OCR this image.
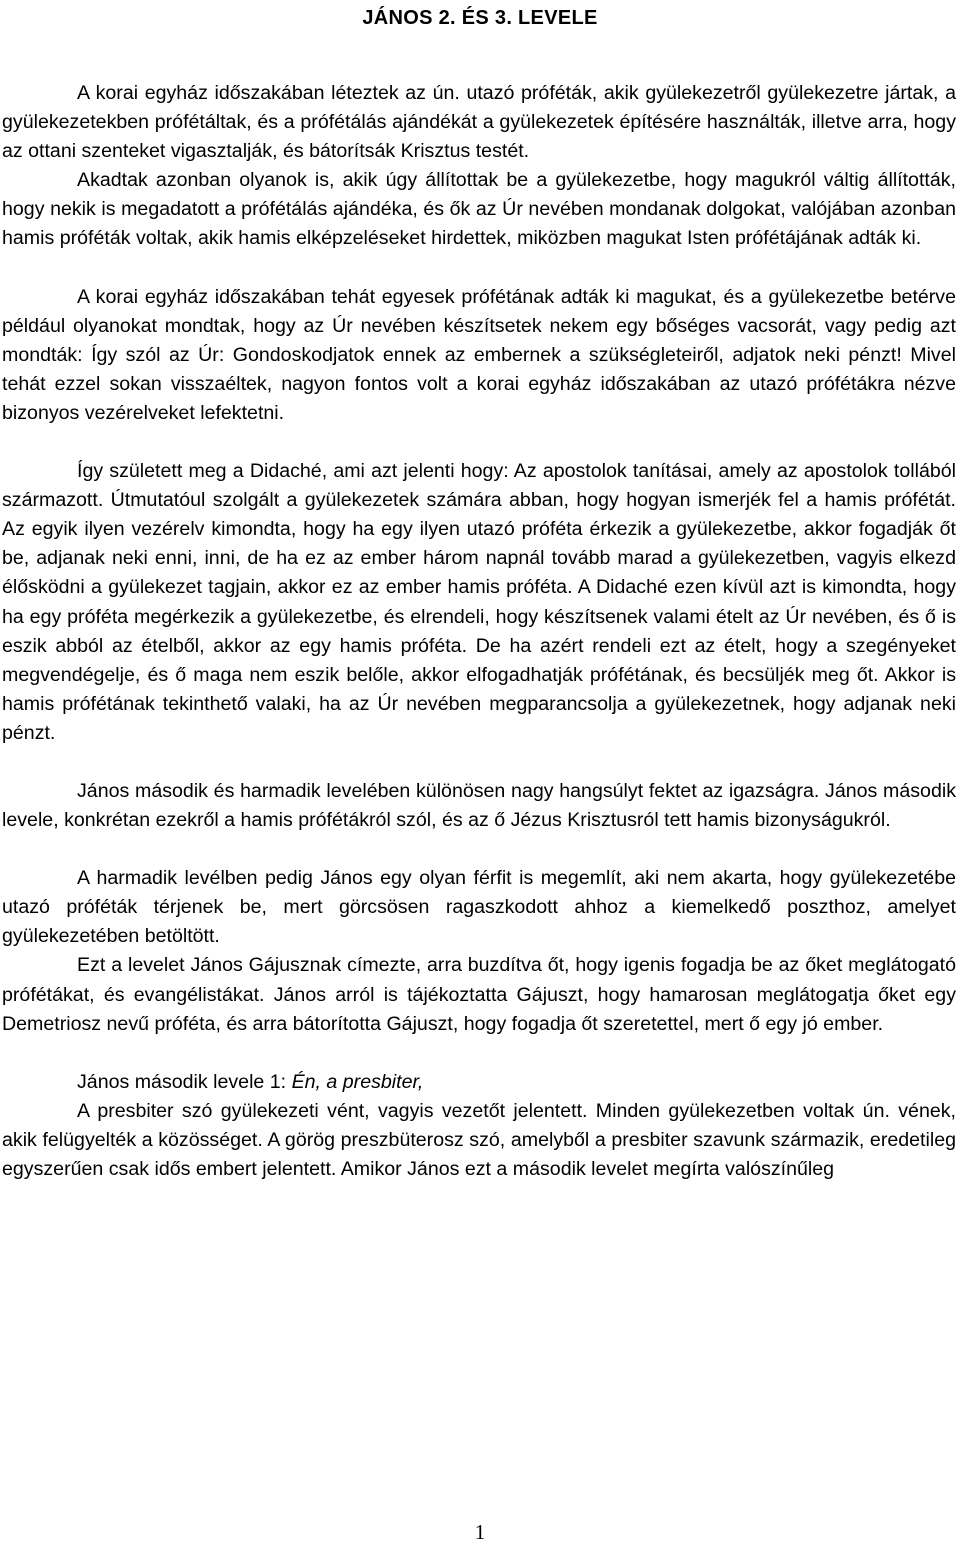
JÁNOS 2. ÉS 3. LEVELE

A korai egyház időszakában léteztek az ún. utazó próféták, akik gyülekezetről gyülekezetre jártak, a gyülekezetekben prófétáltak, és a prófétálás ajándékát a gyülekezetek építésére használták, illetve arra, hogy az ottani szenteket vigasztalják, és bátorítsák Krisztus testét.

Akadtak azonban olyanok is, akik úgy állítottak be a gyülekezetbe, hogy magukról váltig állították, hogy nekik is megadatott a prófétálás ajándéka, és ők az Úr nevében mondanak dolgokat, valójában azonban hamis próféták voltak, akik hamis elképzeléseket hirdettek, miközben magukat Isten prófétájának adták ki.

A korai egyház időszakában tehát egyesek prófétának adták ki magukat, és a gyülekezetbe betérve például olyanokat mondtak, hogy az Úr nevében készítsetek nekem egy bőséges vacsorát, vagy pedig azt mondták: Így szól az Úr: Gondoskodjatok ennek az embernek a szükségleteiről, adjatok neki pénzt! Mivel tehát ezzel sokan visszaéltek, nagyon fontos volt a korai egyház időszakában az utazó prófétákra nézve bizonyos vezérelveket lefektetni.

Így született meg a Didaché, ami azt jelenti hogy: Az apostolok tanításai, amely az apostolok tollából származott. Útmutatóul szolgált a gyülekezetek számára abban, hogy hogyan ismerjék fel a hamis prófétát. Az egyik ilyen vezérelv kimondta, hogy ha egy ilyen utazó próféta érkezik a gyülekezetbe, akkor fogadják őt be, adjanak neki enni, inni, de ha ez az ember három napnál tovább marad a gyülekezetben, vagyis elkezd élősködni a gyülekezet tagjain, akkor ez az ember hamis próféta. A Didaché ezen kívül azt is kimondta, hogy ha egy próféta megérkezik a gyülekezetbe, és elrendeli, hogy készítsenek valami ételt az Úr nevében, és ő is eszik abból az ételből, akkor az egy hamis próféta. De ha azért rendeli ezt az ételt, hogy a szegényeket megvendégelje, és ő maga nem eszik belőle, akkor elfogadhatják prófétának, és becsüljék meg őt. Akkor is hamis prófétának tekinthető valaki, ha az Úr nevében megparancsolja a gyülekezetnek, hogy adjanak neki pénzt.

János második és harmadik levelében különösen nagy hangsúlyt fektet az igazságra. János második levele, konkrétan ezekről a hamis prófétákról szól, és az ő Jézus Krisztusról tett hamis bizonyságukról.

A harmadik levélben pedig János egy olyan férfit is megemlít, aki nem akarta, hogy gyülekezetébe utazó próféták térjenek be, mert görcsösen ragaszkodott ahhoz a kiemelkedő poszthoz, amelyet gyülekezetében betöltött.

Ezt a levelet János Gájusznak címezte, arra buzdítva őt, hogy igenis fogadja be az őket meglátogató prófétákat, és evangélistákat. János arról is tájékoztatta Gájuszt, hogy hamarosan meglátogatja őket egy Demetriosz nevű próféta, és arra bátorította Gájuszt, hogy fogadja őt szeretettel, mert ő egy jó ember.

János második levele 1: Én, a presbiter,

A presbiter szó gyülekezeti vént, vagyis vezetőt jelentett. Minden gyülekezetben voltak ún. vének, akik felügyelték a közösséget. A görög preszbüterosz szó, amelyből a presbiter szavunk származik, eredetileg egyszerűen csak idős embert jelentett. Amikor János ezt a második levelet megírta valószínűleg

1
